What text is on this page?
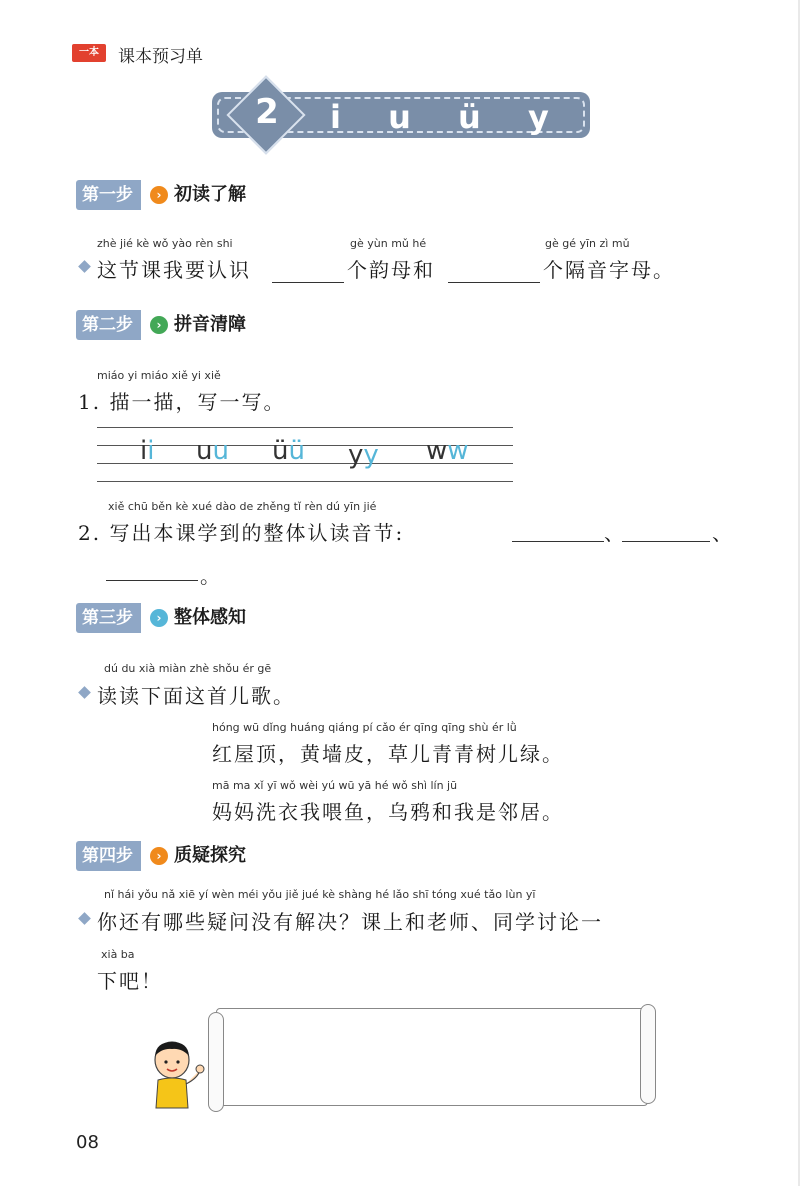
一本	课本预习单
2	i u ü y w
第一步	› 初读了解
zhè jié kè wǒ yào rèn shi	gè yùn mǔ hé	gè gé yīn zì mǔ
这节课我要认识	个韵母和	个隔音字母。
第二步	› 拼音清障
miáo yi miáo xiě yi xiě
1. 描一描，写一写。
ii uu üü yy ww
xiě chū běn kè xué dào de zhěng tǐ rèn dú yīn jié
2. 写出本课学到的整体认读音节:	、	、
。
第三步	› 整体感知
dú du xià miàn zhè shǒu ér gē
读读下面这首儿歌。
hóng wū dǐng huáng qiáng pí cǎo ér qīng qīng shù ér lǜ
红屋顶，黄墙皮，草儿青青树儿绿。
mā ma xǐ yī wǒ wèi yú wū yā hé wǒ shì lín jū
妈妈洗衣我喂鱼，乌鸦和我是邻居。
第四步	› 质疑探究
nǐ hái yǒu nǎ xiē yí wèn méi yǒu jiě jué kè shàng hé lǎo shī tóng xué tǎo lùn yī
你还有哪些疑问没有解决？课上和老师、同学讨论一
xià ba
下吧！
08
